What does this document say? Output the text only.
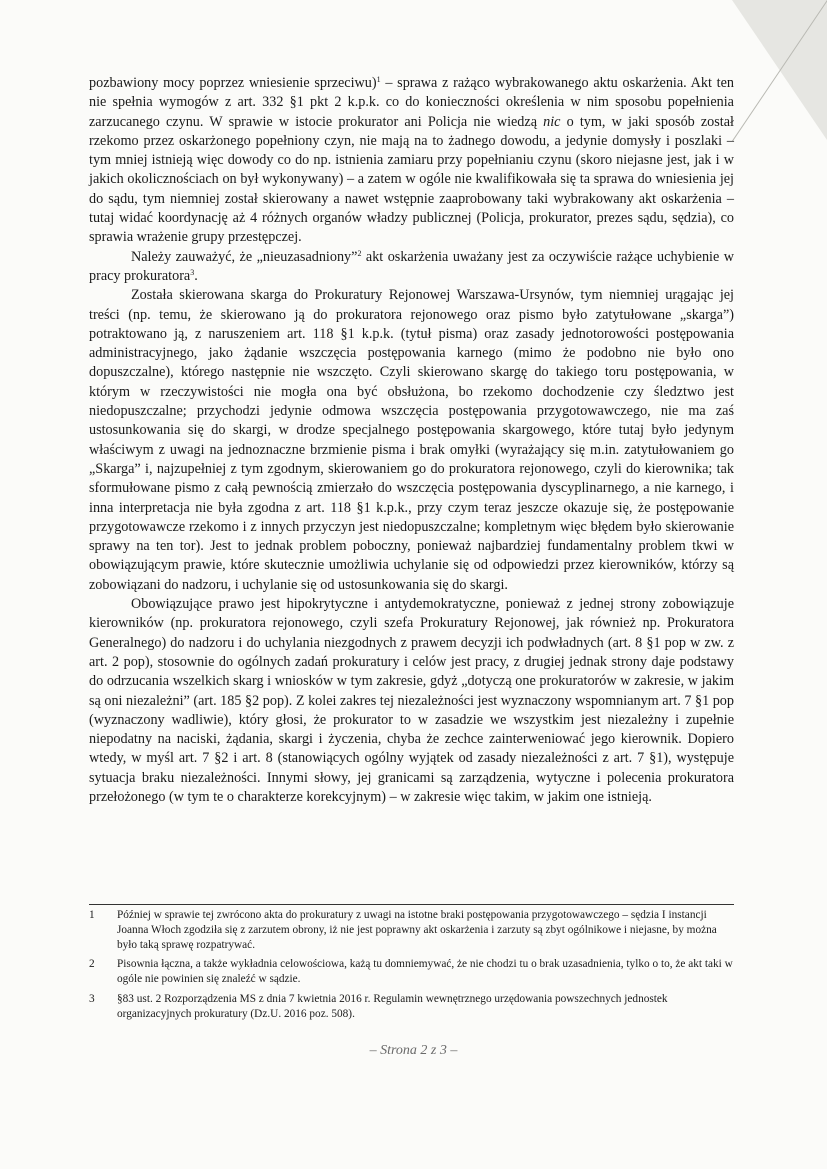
pozbawiony mocy poprzez wniesienie sprzeciwu)$^1$ – sprawa z rażąco wybrakowanego aktu oskarżenia. Akt ten nie spełnia wymogów z art. 332 §1 pkt 2 k.p.k. co do konieczności określenia w nim sposobu popełnienia zarzucanego czynu. W sprawie w istocie prokurator ani Policja nie wiedzą nic o tym, w jaki sposób został rzekomo przez oskarżonego popełniony czyn, nie mają na to żadnego dowodu, a jedynie domysły i poszlaki – tym mniej istnieją więc dowody co do np. istnienia zamiaru przy popełnianiu czynu (skoro niejasne jest, jak i w jakich okolicznościach on był wykonywany) – a zatem w ogóle nie kwalifikowała się ta sprawa do wniesienia jej do sądu, tym niemniej został skierowany a nawet wstępnie zaaprobowany taki wybrakowany akt oskarżenia – tutaj widać koordynację aż 4 różnych organów władzy publicznej (Policja, prokurator, prezes sądu, sędzia), co sprawia wrażenie grupy przestępczej.

Należy zauważyć, że „nieuzasadniony”$^2$ akt oskarżenia uważany jest za oczywiście rażące uchybienie w pracy prokuratora$^3$.

Została skierowana skarga do Prokuratury Rejonowej Warszawa-Ursynów, tym niemniej urągając jej treści (np. temu, że skierowano ją do prokuratora rejonowego oraz pismo było zatytułowane „skarga”) potraktowano ją, z naruszeniem art. 118 §1 k.p.k. (tytuł pisma) oraz zasady jednotorowości postępowania administracyjnego, jako żądanie wszczęcia postępowania karnego (mimo że podobno nie było ono dopuszczalne), którego następnie nie wszczęto. Czyli skierowano skargę do takiego toru postępowania, w którym w rzeczywistości nie mogła ona być obsłużona, bo rzekomo dochodzenie czy śledztwo jest niedopuszczalne; przychodzi jedynie odmowa wszczęcia postępowania przygotowawczego, nie ma zaś ustosunkowania się do skargi, w drodze specjalnego postępowania skargowego, które tutaj było jedynym właściwym z uwagi na jednoznaczne brzmienie pisma i brak omyłki (wyrażający się m.in. zatytułowaniem go „Skarga” i, najzupełniej z tym zgodnym, skierowaniem go do prokuratora rejonowego, czyli do kierownika; tak sformułowane pismo z całą pewnością zmierzało do wszczęcia postępowania dyscyplinarnego, a nie karnego, i inna interpretacja nie była zgodna z art. 118 §1 k.p.k., przy czym teraz jeszcze okazuje się, że postępowanie przygotowawcze rzekomo i z innych przyczyn jest niedopuszczalne; kompletnym więc błędem było skierowanie sprawy na ten tor). Jest to jednak problem poboczny, ponieważ najbardziej fundamentalny problem tkwi w obowiązującym prawie, które skutecznie umożliwia uchylanie się od odpowiedzi przez kierowników, którzy są zobowiązani do nadzoru, i uchylanie się od ustosunkowania się do skargi.

Obowiązujące prawo jest hipokrytyczne i antydemokratyczne, ponieważ z jednej strony zobowiązuje kierowników (np. prokuratora rejonowego, czyli szefa Prokuratury Rejonowej, jak również np. Prokuratora Generalnego) do nadzoru i do uchylania niezgodnych z prawem decyzji ich podwładnych (art. 8 §1 pop w zw. z art. 2 pop), stosownie do ogólnych zadań prokuratury i celów jest pracy, z drugiej jednak strony daje podstawy do odrzucania wszelkich skarg i wniosków w tym zakresie, gdyż „dotyczą one prokuratorów w zakresie, w jakim są oni niezależni” (art. 185 §2 pop). Z kolei zakres tej niezależności jest wyznaczony wspomnianym art. 7 §1 pop (wyznaczony wadliwie), który głosi, że prokurator to w zasadzie we wszystkim jest niezależny i zupełnie niepodatny na naciski, żądania, skargi i życzenia, chyba że zechce zainterweniować jego kierownik. Dopiero wtedy, w myśl art. 7 §2 i art. 8 (stanowiących ogólny wyjątek od zasady niezależności z art. 7 §1), występuje sytuacja braku niezależności. Innymi słowy, jej granicami są zarządzenia, wytyczne i polecenia prokuratora przełożonego (w tym te o charakterze korekcyjnym) – w zakresie więc takim, w jakim one istnieją.

1	Później w sprawie tej zwrócono akta do prokuratury z uwagi na istotne braki postępowania przygotowawczego – sędzia I instancji Joanna Włoch zgodziła się z zarzutem obrony, iż nie jest poprawny akt oskarżenia i zarzuty są zbyt ogólnikowe i niejasne, by można było taką sprawę rozpatrywać.
2	Pisownia łączna, a także wykładnia celowościowa, każą tu domniemywać, że nie chodzi tu o brak uzasadnienia, tylko o to, że akt taki w ogóle nie powinien się znaleźć w sądzie.
3	§83 ust. 2 Rozporządzenia MS z dnia 7 kwietnia 2016 r. Regulamin wewnętrznego urzędowania powszechnych jednostek organizacyjnych prokuratury (Dz.U. 2016 poz. 508).
– Strona 2 z 3 –
